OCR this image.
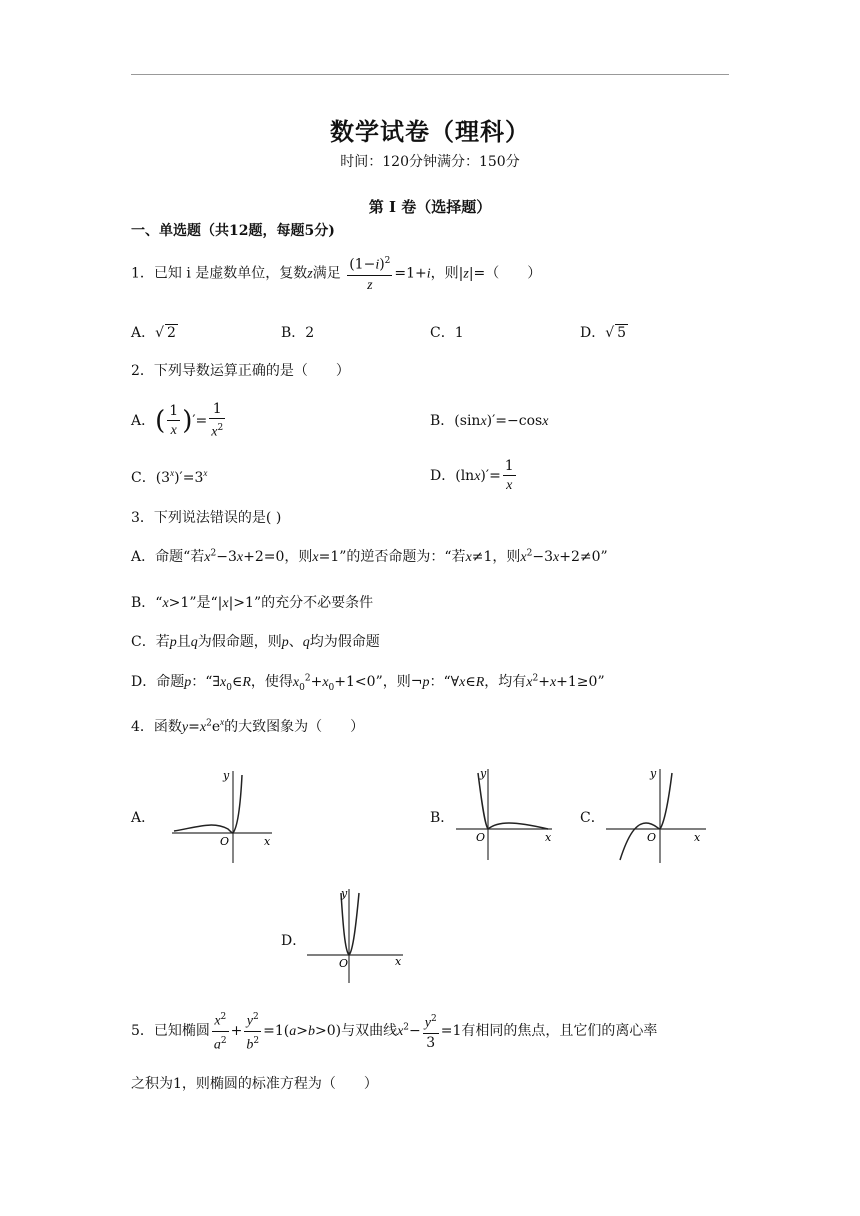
数学试卷（理科）
时间：120分钟满分：150分
第 I 卷（选择题）
一、单选题（共12题，每题5分)
1．已知 i 是虚数单位，复数z满足 $\frac{(1-i)^2}{z} =1+i$，则|z|=（　　）
A．√ 2	B．2	C．1	D．√ 5
2．下列导数运算正确的是（　　）
A．( $\frac{1}{x}$ )′= $\frac{1}{x^2}$	B．(sinx)′=−cosx
C．$(3^x)'=3^x$	D．$(\ln x)'= \frac{1}{x}$
3．下列说法错误的是( )
A．命题“若$x^2-3x+2=0$，则x=1”的逆否命题为：“若x≠1，则$x^2-3x+2\ne 0$”
B．“x>1”是“|x|>1”的充分不必要条件
C．若p且q为假命题，则p、q均为假命题
D．命题p：“$\exists x_0\in R$，使得$x_0^2+x_0+1<0$”，则¬p：“∀x∈R，均有$x^2+x+1\ge 0$”
4．函数$y=x^2e^x$的大致图象为（　　）
A．
y
x
O
B．
y
x
O
C．
y
x
O
D．
y
x
O
5．已知椭圆 $\frac{x^2}{a^2} + \frac{y^2}{b^2} =1(a>b>0)$与双曲线$x^2- \frac{y^2}{3} =1$有相同的焦点，且它们的离心率
之积为1，则椭圆的标准方程为（　　）
